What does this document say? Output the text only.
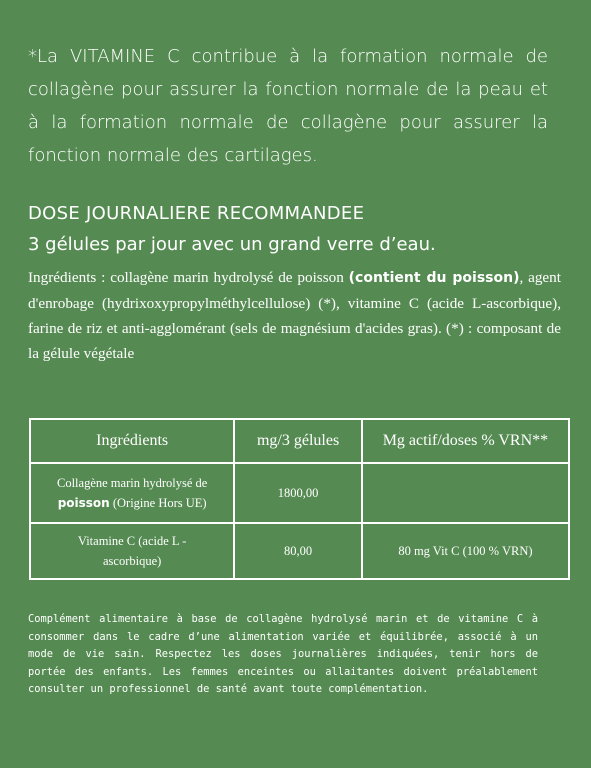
*La VITAMINE C contribue à la formation normale de collagène pour assurer la fonction normale de la peau et à la formation normale de collagène pour assurer la fonction normale des cartilages.

DOSE JOURNALIERE RECOMMANDEE
3 gélules par jour avec un grand verre d’eau.

Ingrédients : collagène marin hydrolysé de poisson (contient du poisson), agent d'enrobage (hydrixoxypropylméthylcellulose) (*), vitamine C (acide L-ascorbique), farine de riz et anti-agglomérant (sels de magnésium d'acides gras). (*) : composant de la gélule végétale

Ingrédients	mg/3 gélules	Mg actif/doses % VRN**
Collagène marin hydrolysé de
poisson (Origine Hors UE)	1800,00	
Vitamine C (acide L - ascorbique)	80,00	80 mg Vit C (100 % VRN)

Complément alimentaire à base de collagène hydrolysé marin et de vitamine C à consommer dans le cadre d’une alimentation variée et équilibrée, associé à un mode de vie sain. Respectez les doses journalières indiquées, tenir hors de portée des enfants. Les femmes enceintes ou allaitantes doivent préalablement consulter un professionnel de santé avant toute complémentation.
